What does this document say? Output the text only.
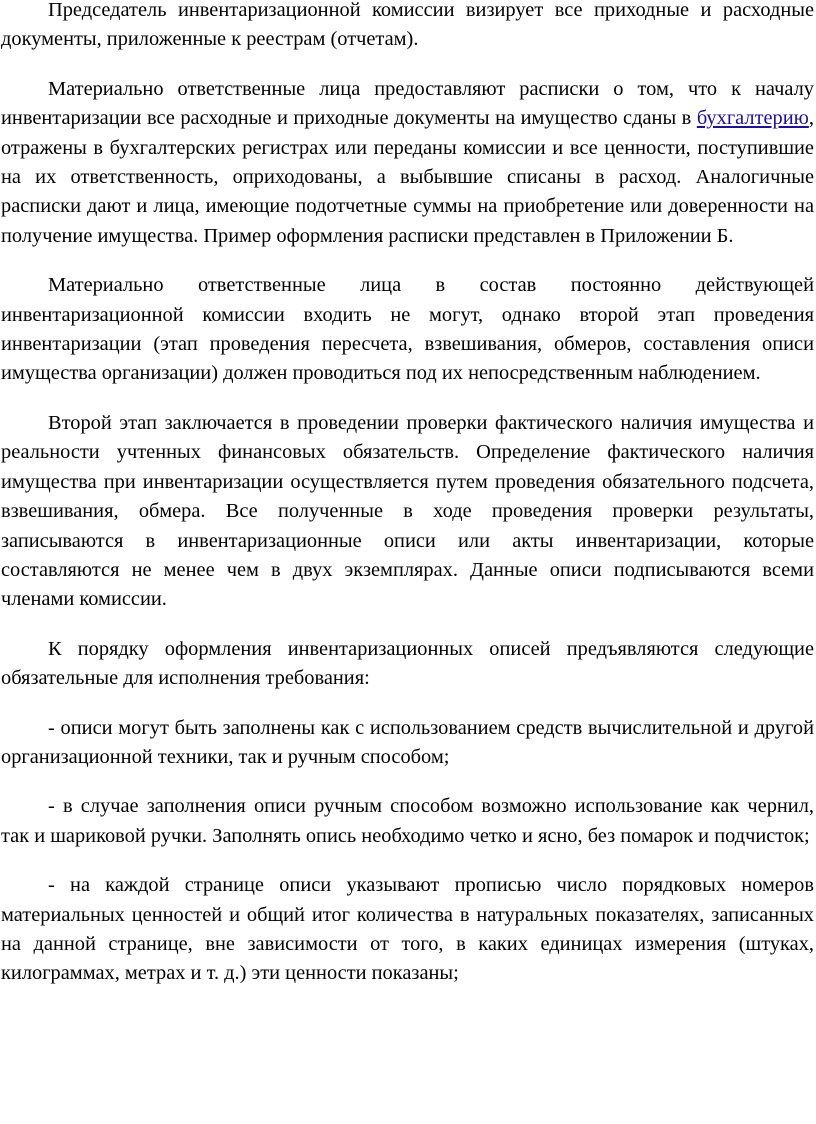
Председатель инвентаризационной комиссии визирует все приходные и расходные документы, приложенные к реестрам (отчетам).

Материально ответственные лица предоставляют расписки о том, что к началу инвентаризации все расходные и приходные документы на имущество сданы в бухгалтерию, отражены в бухгалтерских регистрах или переданы комиссии и все ценности, поступившие на их ответственность, оприходованы, а выбывшие списаны в расход. Аналогичные расписки дают и лица, имеющие подотчетные суммы на приобретение или доверенности на получение имущества. Пример оформления расписки представлен в Приложении Б.

Материально ответственные лица в состав постоянно действующей инвентаризационной комиссии входить не могут, однако второй этап проведения инвентаризации (этап проведения пересчета, взвешивания, обмеров, составления описи имущества организации) должен проводиться под их непосредственным наблюдением.

Второй этап заключается в проведении проверки фактического наличия имущества и реальности учтенных финансовых обязательств. Определение фактического наличия имущества при инвентаризации осуществляется путем проведения обязательного подсчета, взвешивания, обмера. Все полученные в ходе проведения проверки результаты, записываются в инвентаризационные описи или акты инвентаризации, которые составляются не менее чем в двух экземплярах. Данные описи подписываются всеми членами комиссии.

К порядку оформления инвентаризационных описей предъявляются следующие обязательные для исполнения требования:

- описи могут быть заполнены как с использованием средств вычислительной и другой организационной техники, так и ручным способом;

- в случае заполнения описи ручным способом возможно использование как чернил, так и шариковой ручки. Заполнять опись необходимо четко и ясно, без помарок и подчисток;

- на каждой странице описи указывают прописью число порядковых номеров материальных ценностей и общий итог количества в натуральных показателях, записанных на данной странице, вне зависимости от того, в каких единицах измерения (штуках, килограммах, метрах и т. д.) эти ценности показаны;
